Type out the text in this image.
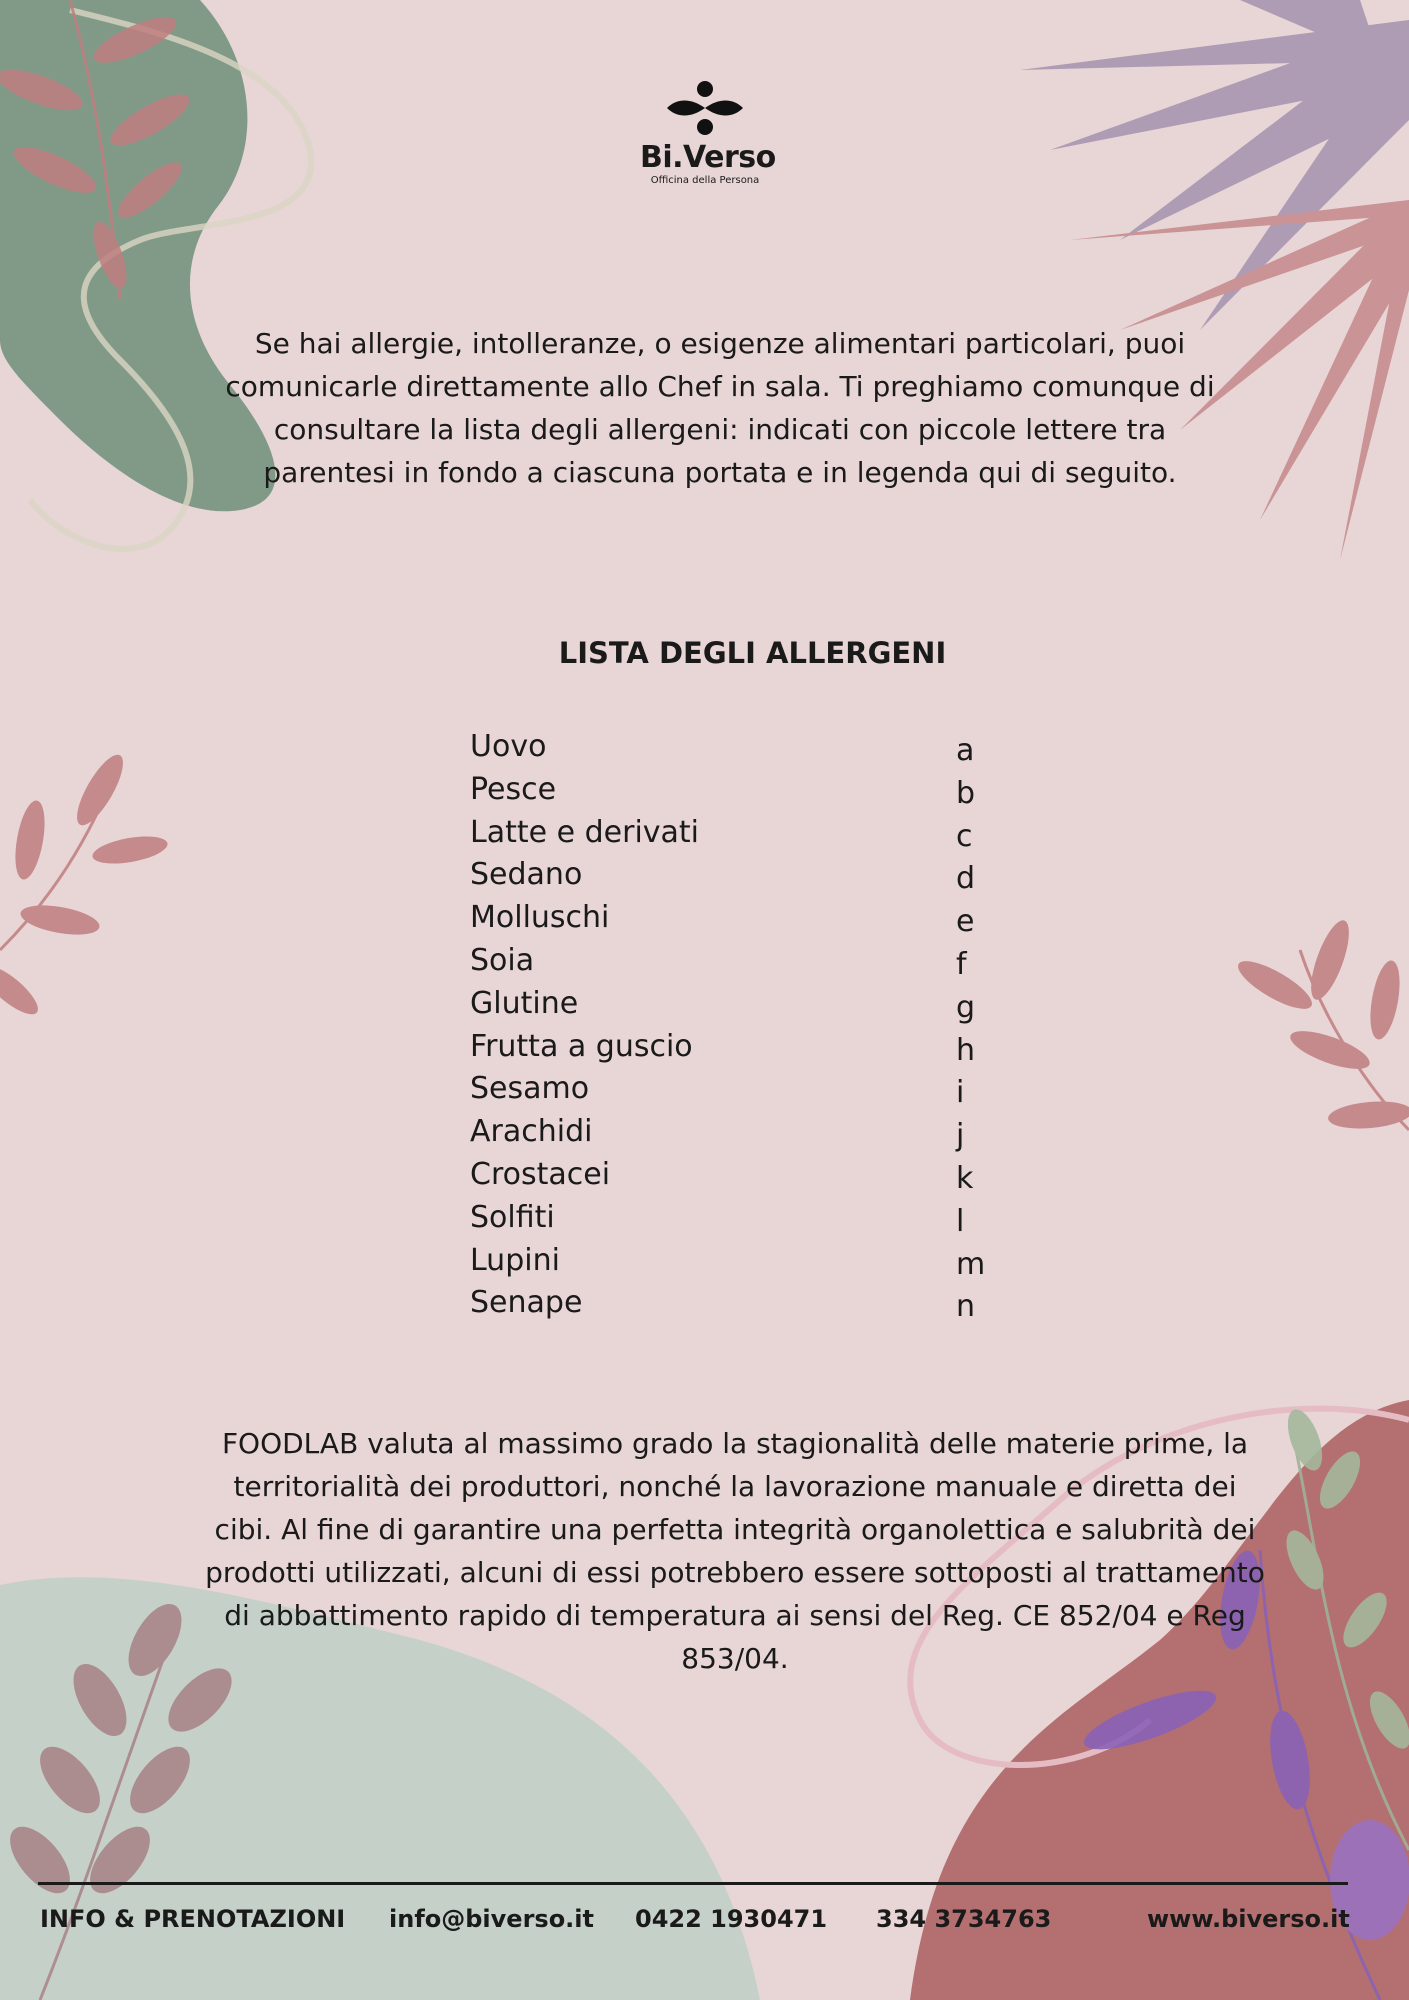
Bi.Verso
Officina della Persona

Se hai allergie, intolleranze, o esigenze alimentari particolari, puoi comunicarle direttamente allo Chef in sala. Ti preghiamo comunque di consultare la lista degli allergeni: indicati con piccole lettere tra parentesi in fondo a ciascuna portata e in legenda qui di seguito.

LISTA DEGLI ALLERGENI
Uovo	a
Pesce	b
Latte e derivati	c
Sedano	d
Molluschi	e
Soia	f
Glutine	g
Frutta a guscio	h
Sesamo	i
Arachidi	j
Crostacei	k
Solfiti	l
Lupini	m
Senape	n

FOODLAB valuta al massimo grado la stagionalità delle materie prime, la territorialità dei produttori, nonché la lavorazione manuale e diretta dei cibi. Al fine di garantire una perfetta integrità organolettica e salubrità dei prodotti utilizzati, alcuni di essi potrebbero essere sottoposti al trattamento di abbattimento rapido di temperatura ai sensi del Reg. CE 852/04 e Reg 853/04.

INFO & PRENOTAZIONI info@biverso.it 0422 1930471 334 3734763	www.biverso.it
